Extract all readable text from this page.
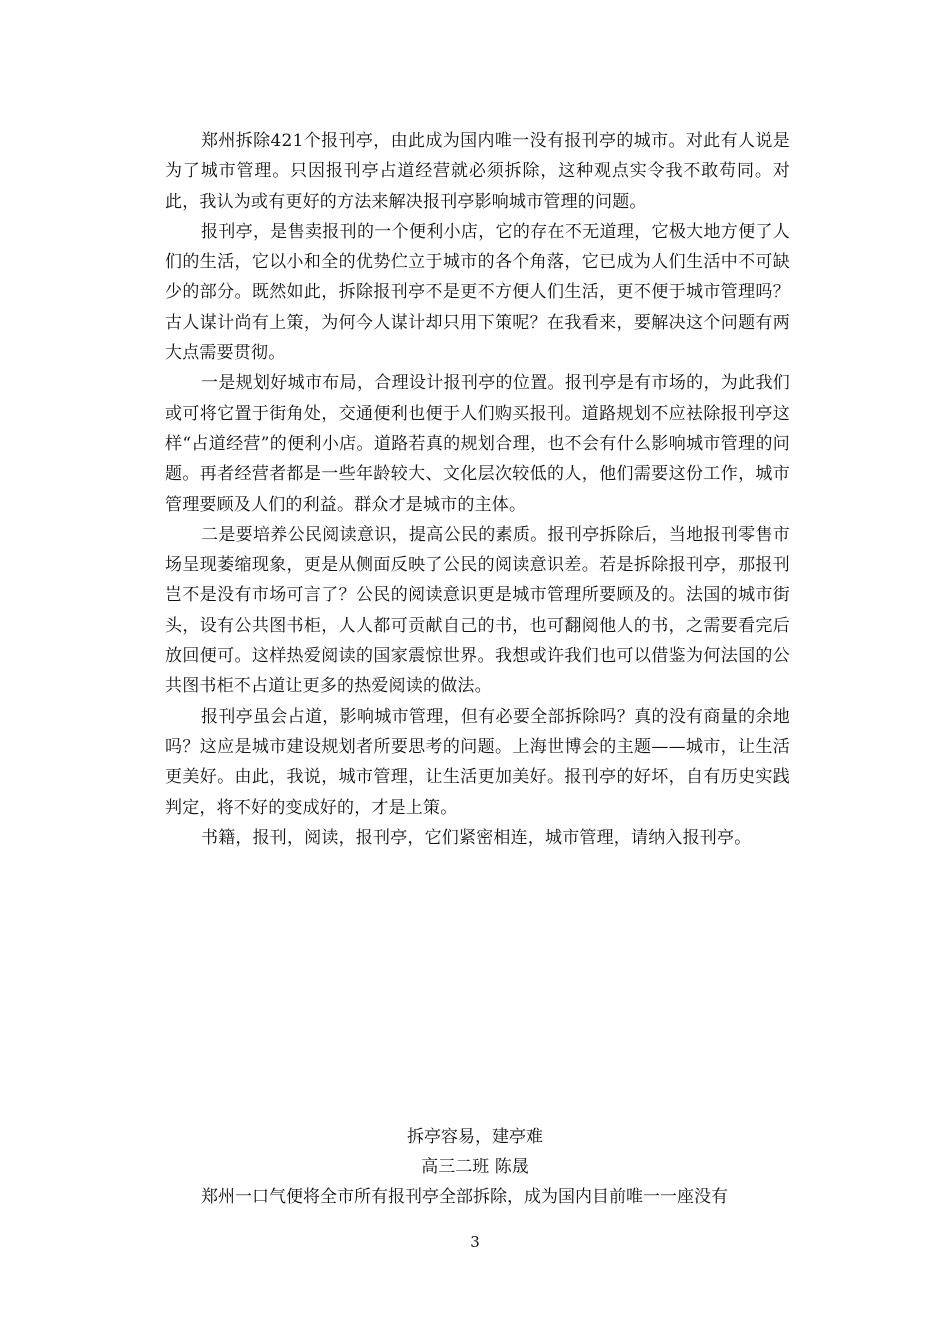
郑州拆除421个报刊亭，由此成为国内唯一没有报刊亭的城市。对此有人说是为了城市管理。只因报刊亭占道经营就必须拆除，这种观点实令我不敢苟同。对此，我认为或有更好的方法来解决报刊亭影响城市管理的问题。

报刊亭，是售卖报刊的一个便利小店，它的存在不无道理，它极大地方便了人们的生活，它以小和全的优势伫立于城市的各个角落，它已成为人们生活中不可缺少的部分。既然如此，拆除报刊亭不是更不方便人们生活，更不便于城市管理吗？古人谋计尚有上策，为何今人谋计却只用下策呢？在我看来，要解决这个问题有两大点需要贯彻。

一是规划好城市布局，合理设计报刊亭的位置。报刊亭是有市场的，为此我们或可将它置于街角处，交通便利也便于人们购买报刊。道路规划不应袪除报刊亭这样“占道经营”的便利小店。道路若真的规划合理，也不会有什么影响城市管理的问题。再者经营者都是一些年龄较大、文化层次较低的人，他们需要这份工作，城市管理要顾及人们的利益。群众才是城市的主体。

二是要培养公民阅读意识，提高公民的素质。报刊亭拆除后，当地报刊零售市场呈现萎缩现象，更是从侧面反映了公民的阅读意识差。若是拆除报刊亭，那报刊岂不是没有市场可言了？公民的阅读意识更是城市管理所要顾及的。法国的城市街头，设有公共图书柜，人人都可贡献自己的书，也可翻阅他人的书，之需要看完后放回便可。这样热爱阅读的国家震惊世界。我想或许我们也可以借鉴为何法国的公共图书柜不占道让更多的热爱阅读的做法。

报刊亭虽会占道，影响城市管理，但有必要全部拆除吗？真的没有商量的余地吗？这应是城市建设规划者所要思考的问题。上海世博会的主题——城市，让生活更美好。由此，我说，城市管理，让生活更加美好。报刊亭的好坏，自有历史实践判定，将不好的变成好的，才是上策。

书籍，报刊，阅读，报刊亭，它们紧密相连，城市管理，请纳入报刊亭。

拆亭容易，建亭难
高三二班 陈晟

郑州一口气便将全市所有报刊亭全部拆除，成为国内目前唯一一座没有

3
